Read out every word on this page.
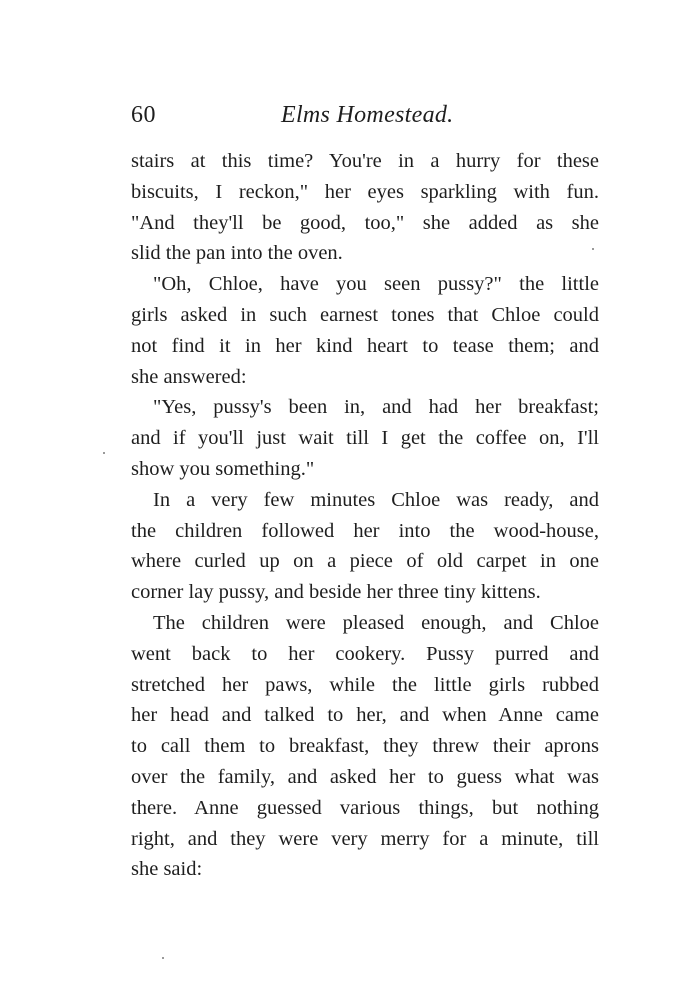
60	Elms Homestead.
stairs at this time? You're in a hurry for these
biscuits, I reckon," her eyes sparkling with fun.
"And they'll be good, too," she added as she
slid the pan into the oven.
"Oh, Chloe, have you seen pussy?" the little
girls asked in such earnest tones that Chloe could
not find it in her kind heart to tease them; and
she answered:
"Yes, pussy's been in, and had her breakfast;
and if you'll just wait till I get the coffee on, I'll
show you something."
In a very few minutes Chloe was ready, and
the children followed her into the wood-house,
where curled up on a piece of old carpet in one
corner lay pussy, and beside her three tiny kittens.
The children were pleased enough, and Chloe
went back to her cookery. Pussy purred and
stretched her paws, while the little girls rubbed
her head and talked to her, and when Anne came
to call them to breakfast, they threw their aprons
over the family, and asked her to guess what was
there. Anne guessed various things, but nothing
right, and they were very merry for a minute, till
she said:
